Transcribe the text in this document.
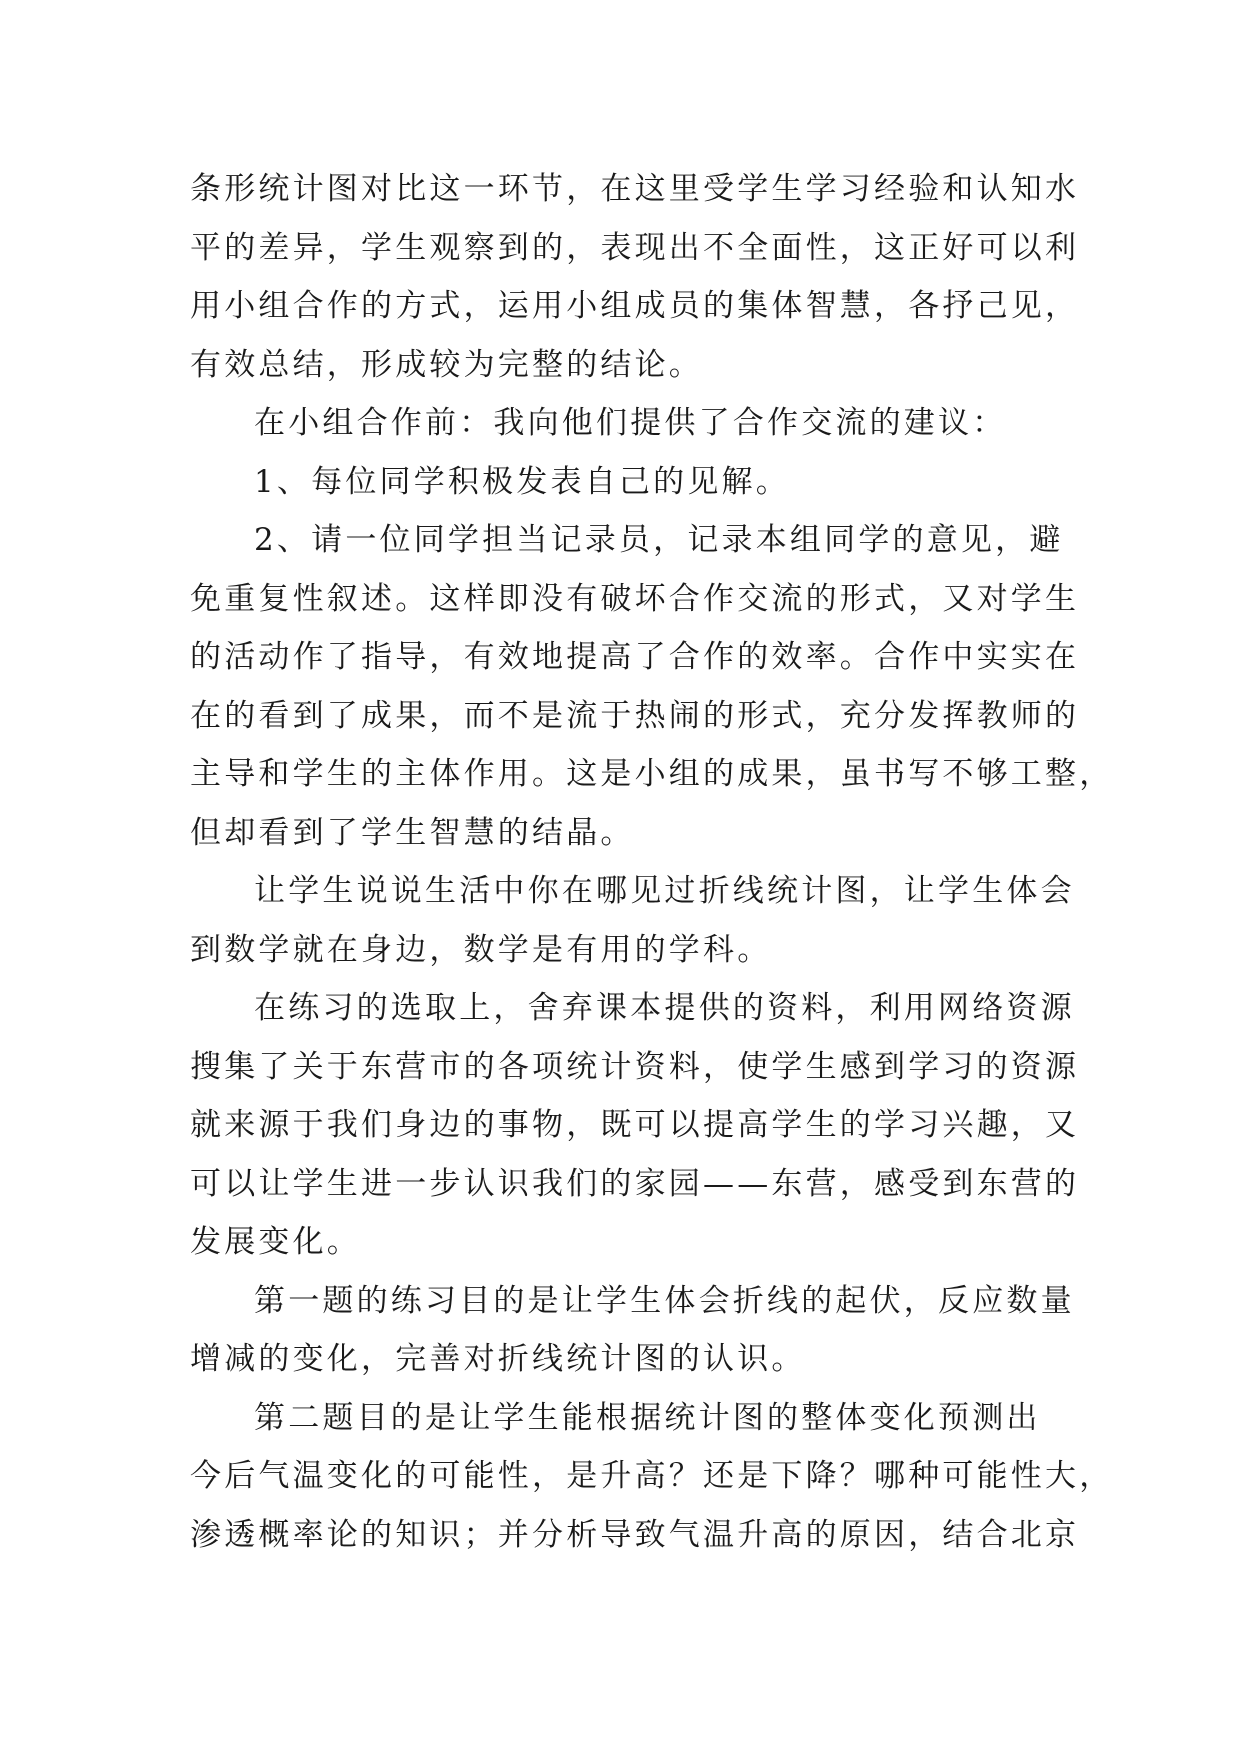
条形统计图对比这一环节，在这里受学生学习经验和认知水
平的差异，学生观察到的，表现出不全面性，这正好可以利
用小组合作的方式，运用小组成员的集体智慧，各抒己见，
有效总结，形成较为完整的结论。
在小组合作前：我向他们提供了合作交流的建议：
1、每位同学积极发表自己的见解。
2、请一位同学担当记录员，记录本组同学的意见，避
免重复性叙述。这样即没有破坏合作交流的形式，又对学生
的活动作了指导，有效地提高了合作的效率。合作中实实在
在的看到了成果，而不是流于热闹的形式，充分发挥教师的
主导和学生的主体作用。这是小组的成果，虽书写不够工整，
但却看到了学生智慧的结晶。
让学生说说生活中你在哪见过折线统计图，让学生体会
到数学就在身边，数学是有用的学科。
在练习的选取上，舍弃课本提供的资料，利用网络资源
搜集了关于东营市的各项统计资料，使学生感到学习的资源
就来源于我们身边的事物，既可以提高学生的学习兴趣，又
可以让学生进一步认识我们的家园——东营，感受到东营的
发展变化。
第一题的练习目的是让学生体会折线的起伏，反应数量
增减的变化，完善对折线统计图的认识。
第二题目的是让学生能根据统计图的整体变化预测出
今后气温变化的可能性，是升高？还是下降？哪种可能性大，
渗透概率论的知识；并分析导致气温升高的原因，结合北京
